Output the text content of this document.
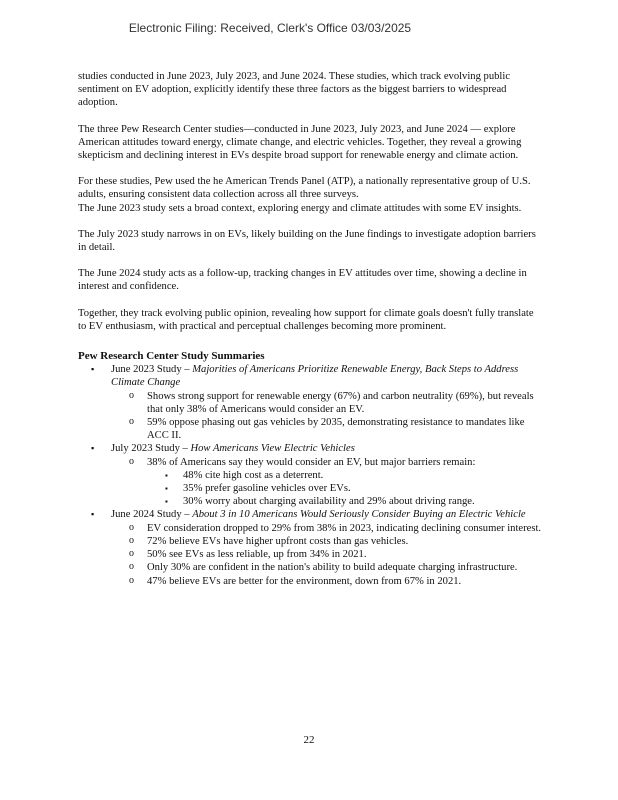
Electronic Filing: Received, Clerk's Office 03/03/2025

studies conducted in June 2023, July 2023, and June 2024. These studies, which track evolving public sentiment on EV adoption, explicitly identify these three factors as the biggest barriers to widespread adoption.

The three Pew Research Center studies—conducted in June 2023, July 2023, and June 2024 — explore American attitudes toward energy, climate change, and electric vehicles. Together, they reveal a growing skepticism and declining interest in EVs despite broad support for renewable energy and climate action.

For these studies, Pew used the he American Trends Panel (ATP), a nationally representative group of U.S. adults, ensuring consistent data collection across all three surveys.

The June 2023 study sets a broad context, exploring energy and climate attitudes with some EV insights.

The July 2023 study narrows in on EVs, likely building on the June findings to investigate adoption barriers in detail.

The June 2024 study acts as a follow-up, tracking changes in EV attitudes over time, showing a decline in interest and confidence.

Together, they track evolving public opinion, revealing how support for climate goals doesn't fully translate to EV enthusiasm, with practical and perceptual challenges becoming more prominent.

Pew Research Center Study Summaries
▪ June 2023 Study – Majorities of Americans Prioritize Renewable Energy, Back Steps to Address Climate Change
o Shows strong support for renewable energy (67%) and carbon neutrality (69%), but reveals that only 38% of Americans would consider an EV.
o 59% oppose phasing out gas vehicles by 2035, demonstrating resistance to mandates like ACC II.
▪ July 2023 Study – How Americans View Electric Vehicles
o 38% of Americans say they would consider an EV, but major barriers remain:
▪ 48% cite high cost as a deterrent.
▪ 35% prefer gasoline vehicles over EVs.
▪ 30% worry about charging availability and 29% about driving range.
▪ June 2024 Study – About 3 in 10 Americans Would Seriously Consider Buying an Electric Vehicle
o EV consideration dropped to 29% from 38% in 2023, indicating declining consumer interest.
o 72% believe EVs have higher upfront costs than gas vehicles.
o 50% see EVs as less reliable, up from 34% in 2021.
o Only 30% are confident in the nation's ability to build adequate charging infrastructure.
o 47% believe EVs are better for the environment, down from 67% in 2021.
22
